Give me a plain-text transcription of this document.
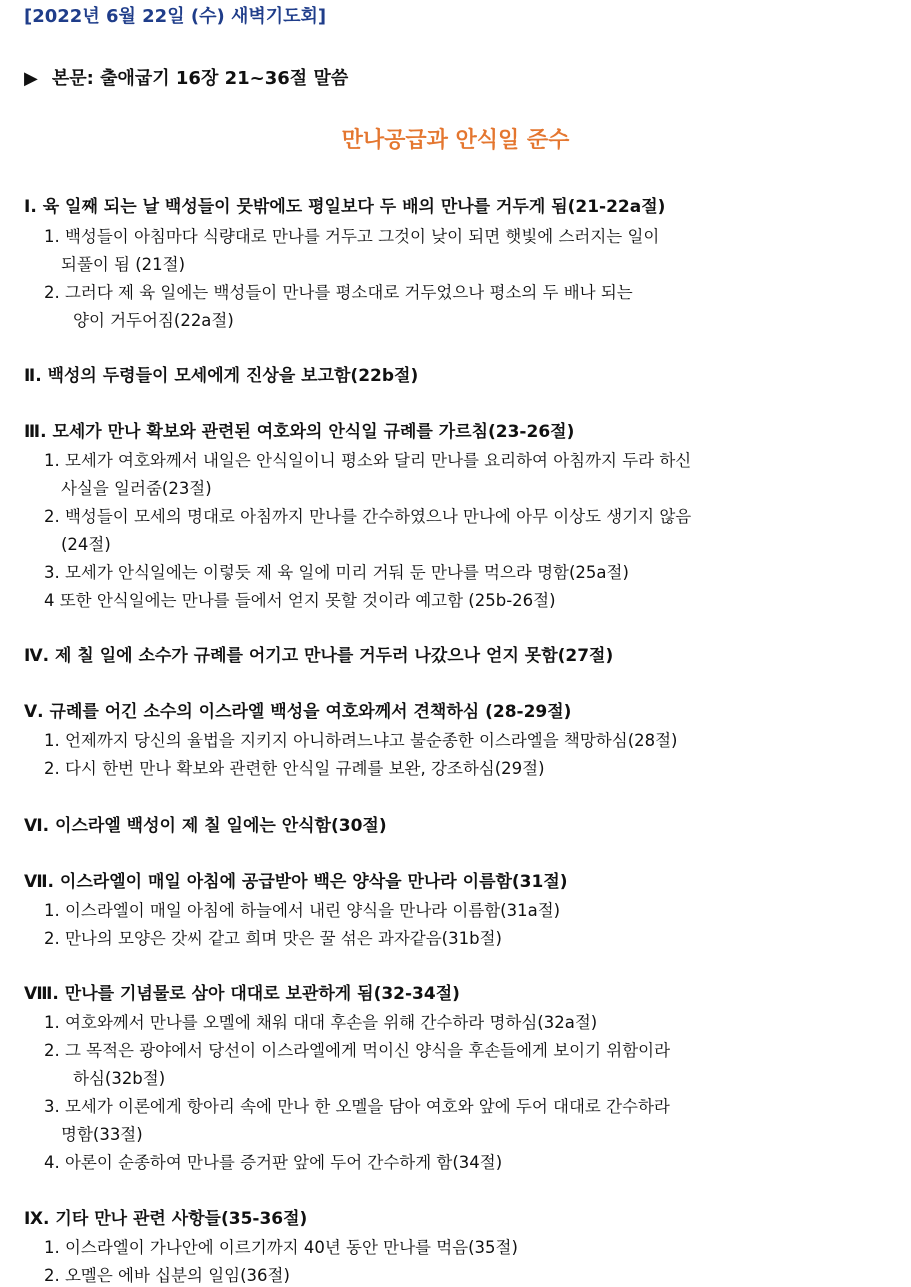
[2022년 6월 22일 (수) 새벽기도회]
▶ 본문: 출애굽기 16장 21~36절 말씀
만나공급과 안식일 준수
Ⅰ. 육 일째 되는 날 백성들이 뭇밖에도 평일보다 두 배의 만나를 거두게 됨(21-22a절)
1. 백성들이 아침마다 식량대로 만나를 거두고 그것이 낮이 되면 햇빛에 스러지는 일이
되풀이 됨 (21절)
2. 그러다 제 육 일에는 백성들이 만나를 평소대로 거두었으나 평소의 두 배나 되는
양이 거두어짐(22a절)
Ⅱ. 백성의 두령들이 모세에게 진상을 보고함(22b절)
Ⅲ. 모세가 만나 확보와 관련된 여호와의 안식일 규례를 가르침(23-26절)
1. 모세가 여호와께서 내일은 안식일이니 평소와 달리 만나를 요리하여 아침까지 두라 하신
사실을 일러줌(23절)
2. 백성들이 모세의 명대로 아침까지 만나를 간수하였으나 만나에 아무 이상도 생기지 않음
(24절)
3. 모세가 안식일에는 이렇듯 제 육 일에 미리 거둬 둔 만나를 먹으라 명함(25a절)
4 또한 안식일에는 만나를 들에서 얻지 못할 것이라 예고함 (25b-26절)
Ⅳ. 제 칠 일에 소수가 규례를 어기고 만나를 거두러 나갔으나 얻지 못함(27절)
Ⅴ. 규례를 어긴 소수의 이스라엘 백성을 여호와께서 견책하심 (28-29절)
1. 언제까지 당신의 율법을 지키지 아니하려느냐고 불순종한 이스라엘을 책망하심(28절)
2. 다시 한번 만나 확보와 관련한 안식일 규례를 보완, 강조하심(29절)
Ⅵ. 이스라엘 백성이 제 칠 일에는 안식함(30절)
Ⅶ. 이스라엘이 매일 아침에 공급받아 백은 양삭을 만나라 이름함(31절)
1. 이스라엘이 매일 아침에 하늘에서 내린 양식을 만나라 이름함(31a절)
2. 만나의 모양은 갓씨 같고 희며 맛은 꿀 섞은 과자같음(31b절)
Ⅷ. 만나를 기념물로 삼아 대대로 보관하게 됨(32-34절)
1. 여호와께서 만나를 오멜에 채워 대대 후손을 위해 간수하라 명하심(32a절)
2. 그 목적은 광야에서 당선이 이스라엘에게 먹이신 양식을 후손들에게 보이기 위함이라
하심(32b절)
3. 모세가 이론에게 항아리 속에 만나 한 오멜을 담아 여호와 앞에 두어 대대로 간수하라
명함(33절)
4. 아론이 순종하여 만나를 증거판 앞에 두어 간수하게 함(34절)
Ⅸ. 기타 만나 관련 사항들(35-36절)
1. 이스라엘이 가나안에 이르기까지 40년 동안 만나를 먹음(35절)
2. 오멜은 에바 십분의 일임(36절)
